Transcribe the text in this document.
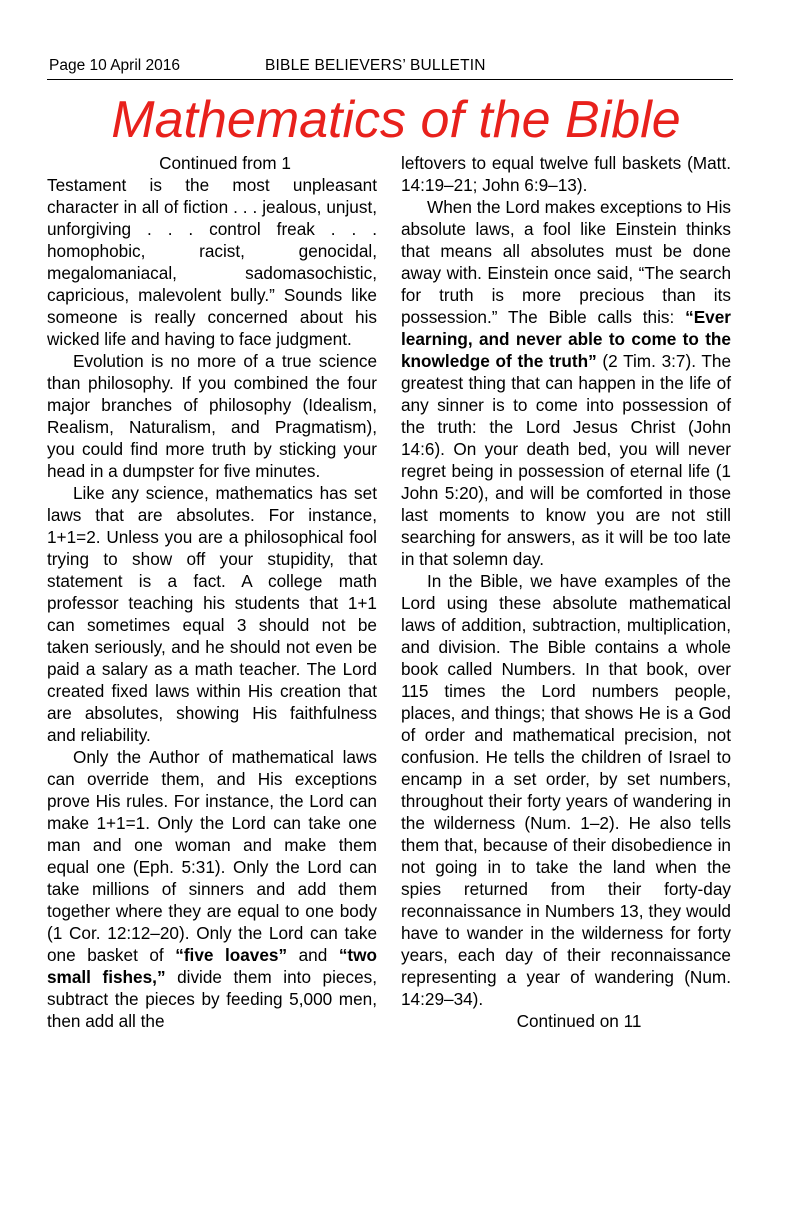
Page 10 April 2016	BIBLE BELIEVERS’ BULLETIN
Mathematics of the Bible

Continued from 1

Testament is the most unpleasant character in all of fiction . . . jealous, unjust, unforgiving . . . control freak . . . homophobic, racist, genocidal, megalomaniacal, sadomasochistic, capricious, malevolent bully.” Sounds like someone is really concerned about his wicked life and having to face judgment.

Evolution is no more of a true science than philosophy. If you combined the four major branches of philosophy (Idealism, Realism, Naturalism, and Pragmatism), you could find more truth by sticking your head in a dumpster for five minutes.

Like any science, mathematics has set laws that are absolutes. For instance, 1+1=2. Unless you are a philosophical fool trying to show off your stupidity, that statement is a fact. A college math professor teaching his students that 1+1 can sometimes equal 3 should not be taken seriously, and he should not even be paid a salary as a math teacher. The Lord created fixed laws within His creation that are absolutes, showing His faithfulness and reliability.

Only the Author of mathematical laws can override them, and His exceptions prove His rules. For instance, the Lord can make 1+1=1. Only the Lord can take one man and one woman and make them equal one (Eph. 5:31). Only the Lord can take millions of sinners and add them together where they are equal to one body (1 Cor. 12:12–20). Only the Lord can take one basket of “five loaves” and “two small fishes,” divide them into pieces, subtract the pieces by feeding 5,000 men, then add all the

leftovers to equal twelve full baskets (Matt. 14:19–21; John 6:9–13).

When the Lord makes exceptions to His absolute laws, a fool like Einstein thinks that means all absolutes must be done away with. Einstein once said, “The search for truth is more precious than its possession.” The Bible calls this: “Ever learning, and never able to come to the knowledge of the truth” (2 Tim. 3:7). The greatest thing that can happen in the life of any sinner is to come into possession of the truth: the Lord Jesus Christ (John 14:6). On your death bed, you will never regret being in possession of eternal life (1 John 5:20), and will be comforted in those last moments to know you are not still searching for answers, as it will be too late in that solemn day.

In the Bible, we have examples of the Lord using these absolute mathematical laws of addition, subtraction, multiplication, and division. The Bible contains a whole book called Numbers. In that book, over 115 times the Lord numbers people, places, and things; that shows He is a God of order and mathematical precision, not confusion. He tells the children of Israel to encamp in a set order, by set numbers, throughout their forty years of wandering in the wilderness (Num. 1–2). He also tells them that, because of their disobedience in not going in to take the land when the spies returned from their forty-day reconnaissance in Numbers 13, they would have to wander in the wilderness for forty years, each day of their reconnaissance representing a year of wandering (Num. 14:29–34).

Continued on 11
